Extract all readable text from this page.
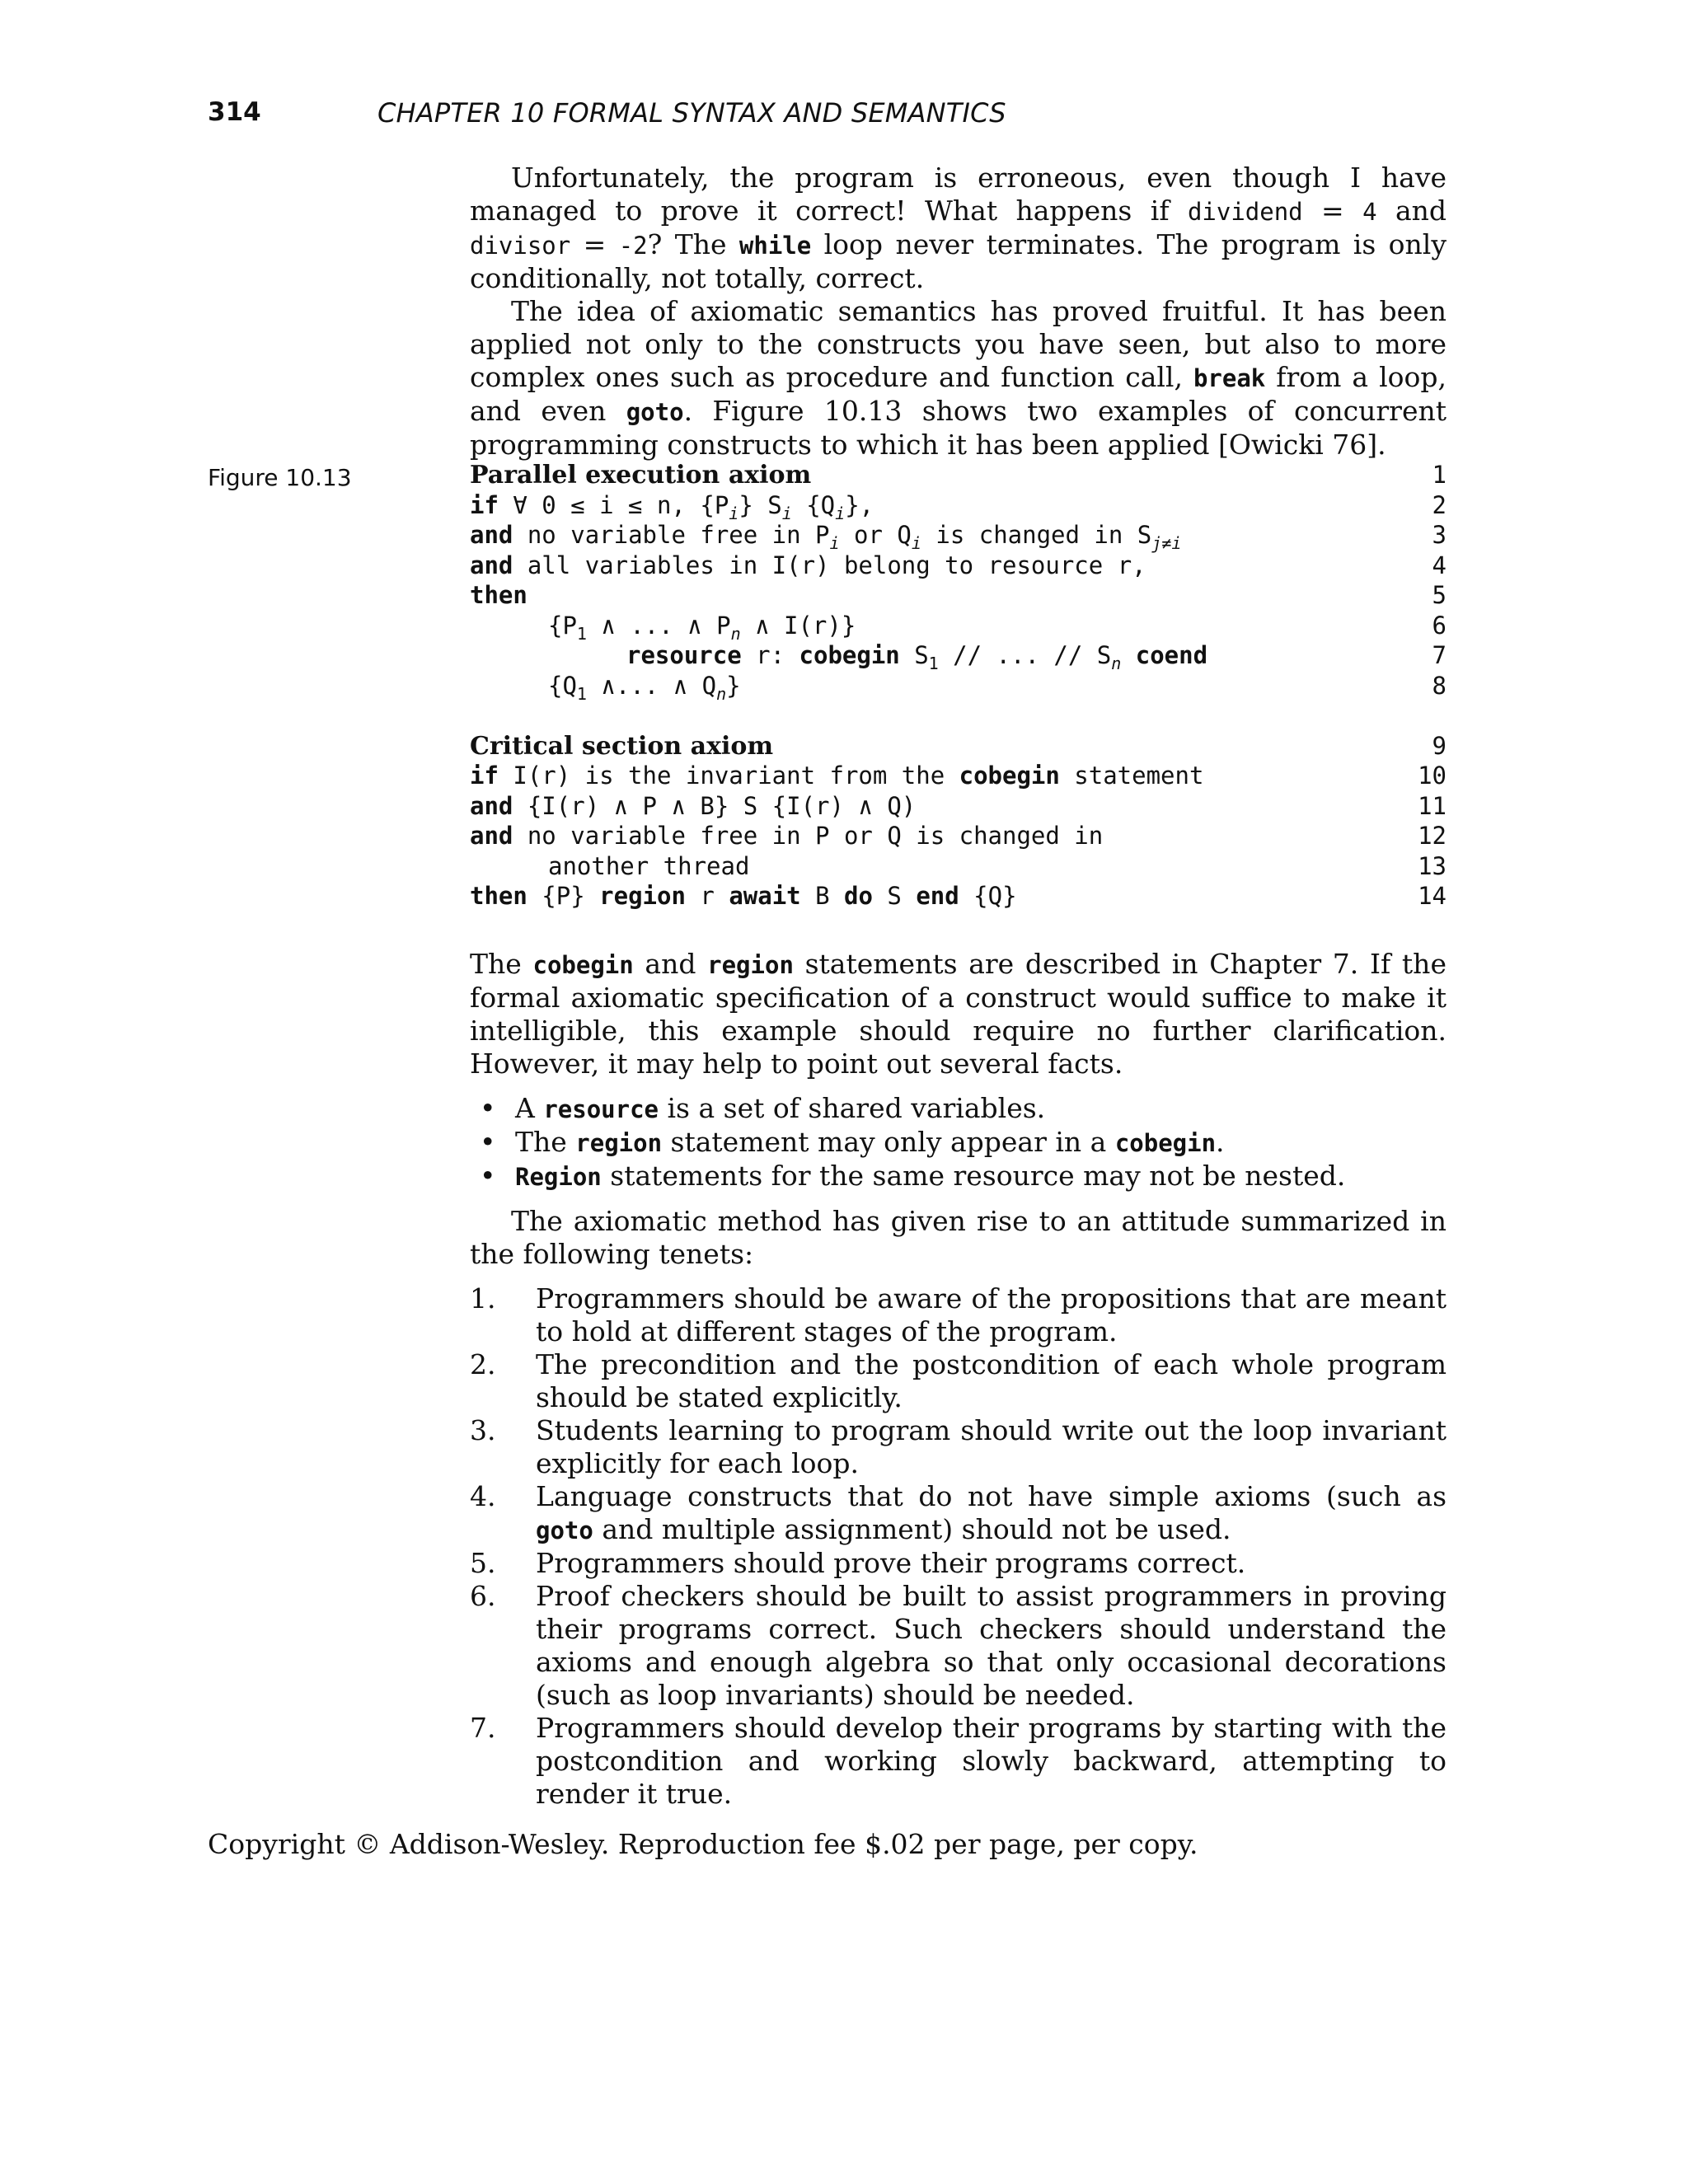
314	CHAPTER 10 FORMAL SYNTAX AND SEMANTICS

Unfortunately, the program is erroneous, even though I have managed to prove it correct! What happens if dividend = 4 and divisor = -2? The while loop never terminates. The program is only conditionally, not totally, correct.

The idea of axiomatic semantics has proved fruitful. It has been applied not only to the constructs you have seen, but also to more complex ones such as procedure and function call, break from a loop, and even goto. Figure 10.13 shows two examples of concurrent programming constructs to which it has been applied [Owicki 76].

Figure 10.13	Parallel execution axiom	1
if ∀ 0 ≤ i ≤ n, $\{P_i\}$ $S_i$ $\{Q_i\}$,	2
and no variable free in $P_i$ or $Q_i$ is changed in $S_{j\ne i}$	3
and all variables in I(r) belong to resource r,	4
then	5
{$P_1$ ∧ ... ∧ $P_n$ ∧ I(r)}	6
resource r: cobegin $S_1$ // ... // $S_n$ coend	7
{$Q_1$ ∧... ∧ $Q_n$}	8
Critical section axiom	9
if I(r) is the invariant from the cobegin statement	10
and {I(r) ∧ P ∧ B} S {I(r) ∧ Q)	11
and no variable free in P or Q is changed in	12
another thread	13
then {P} region r await B do S end {Q}	14

The cobegin and region statements are described in Chapter 7. If the formal axiomatic specification of a construct would suffice to make it intelligible, this example should require no further clarification. However, it may help to point out several facts.

• A resource is a set of shared variables.
• The region statement may only appear in a cobegin.
• Region statements for the same resource may not be nested.

The axiomatic method has given rise to an attitude summarized in the following tenets:

1. Programmers should be aware of the propositions that are meant to hold at different stages of the program.
2. The precondition and the postcondition of each whole program should be stated explicitly.
3. Students learning to program should write out the loop invariant explicitly for each loop.
4. Language constructs that do not have simple axioms (such as goto and multiple assignment) should not be used.
5. Programmers should prove their programs correct.
6. Proof checkers should be built to assist programmers in proving their programs correct. Such checkers should understand the axioms and enough algebra so that only occasional decorations (such as loop invariants) should be needed.
7. Programmers should develop their programs by starting with the postcondition and working slowly backward, attempting to render it true.
Copyright © Addison-Wesley. Reproduction fee $.02 per page, per copy.
